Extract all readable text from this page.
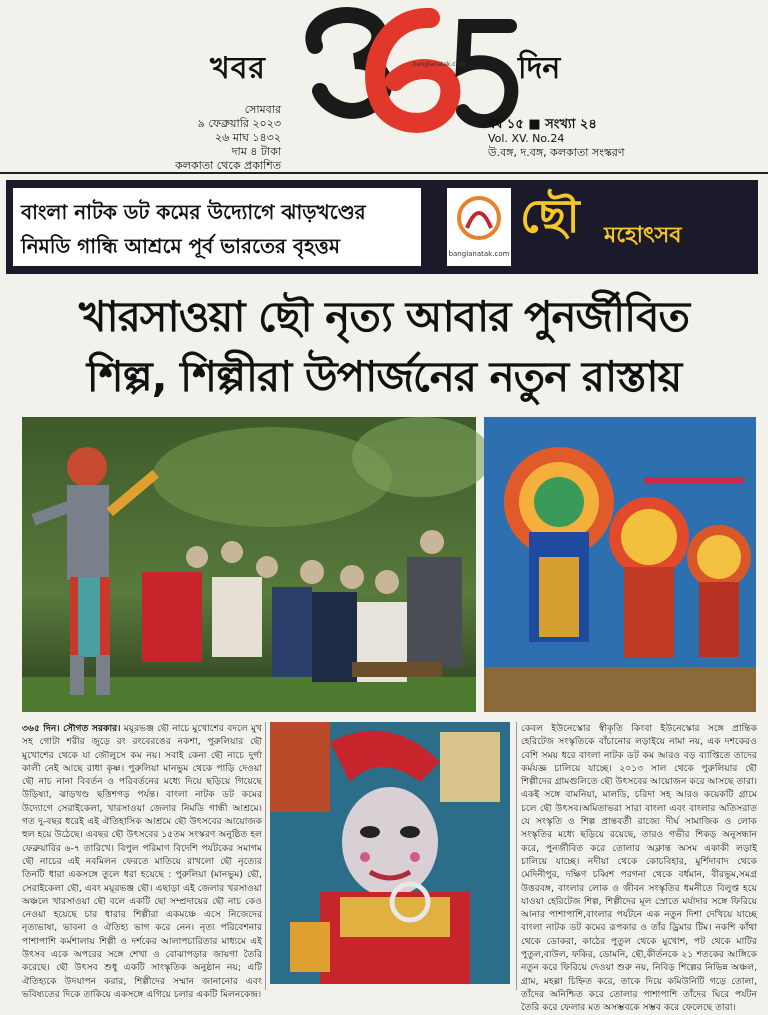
খবর	banglanatak.com দিন
সোমবার
৯ ফেব্রুয়ারি ২০২৩
২৬ মাঘ ১৪৩২
দাম ৪ টাকা
কলকাতা থেকে প্রকাশিত
বর্ষ ১৫ ■ সংখ্যা ২৪
Vol. XV. No.24
উ.বঙ্গ, দ.বঙ্গ, কলকাতা সংস্করণ
বাংলা নাটক ডট কমের উদ্যোগে ঝাড়খণ্ডের
নিমডি গান্ধি আশ্রমে পূর্ব ভারতের বৃহত্তম	banglanatak.com
ছৌ মহোৎসব
খারসাওয়া ছৌ নৃত্য আবার পুনর্জীবিত
শিল্প, শিল্পীরা উপার্জনের নতুন রাস্তায়

৩৬৫ দিন। সৌগত সরকার। ময়ূরভঞ্জ ছৌ নাচে মুখোশের বদলে মুখ সহ গোটা শরীর জুড়ে রং রংবেরঙের নকশা, পুরুলিয়ার ছৌ মুখোশের থেকে যা জৌলুসে কম নয়। সবাই কেনা ছৌ নাচে দুর্গা কালী নেই আছে রাধা কৃষ্ণ। পুরুলিয়া মানভুম থেকে পাড়ি দেওয়া ছৌ নাচ নানা বিবর্তন ও পরিবর্তনের মধ্যে দিয়ে ছড়িয়ে গিয়েছে উড়িষ্যা, ঝাড়খণ্ড ছত্তিশগড় পর্যন্ত। বাংলা নাটক ডট কমের উদ্যোগে সেরাইকেলা, খারসাওয়া জেলার নিমডি গান্ধী আশ্রমে। গত দু-বছর ধরেই এই ঐতিহাসিক আশ্রমে ছৌ উৎসবের আয়োজক হুল হয়ে উঠেছে। এবছর ছৌ উৎসবের ১৫তম সংস্করণ অনুষ্ঠিত হল ফেব্রুয়ারির ৬-৭ তারিখে। বিপুল পরিমাণ বিদেশি পর্যটকের সমাগম ছৌ নাচের এই নবমিলন ফেরতে মাতিয়ে রাখলো ছৌ নৃত্যের তিনটি ধারা একসঙ্গে তুলে ধরা হয়েছে : পুরুলিয়া (মানভুম) ছৌ, সেরাইকেলা ছৌ, এবং ময়ূরভঞ্জ ছৌ। এছাড়া এই জেলার খরসাওয়া অঞ্চলে খারসাওয়া ছৌ বলে একটি ছো সম্প্রদায়ের ছৌ নাচ কেও নেওয়া হয়েছে চার ধারার শিল্পীরা একমঞ্চে এসে নিজেদের নৃত্যভাষা, ভাবনা ও ঐতিহ্য ভাগ করে নেন। নৃত্য পরিবেশনার পাশাপাশি কর্মশালায় শিল্পী ও দর্শকের আলাপচারিতার মাধ্যমে এই উৎসব একে অপরের সঙ্গে শেখা ও বোঝাপড়ার জায়গা তৈরি করেছে। ছৌ উৎসব শুধু একটি সাংস্কৃতিক অনুষ্ঠান নয়; এটি ঐতিহ্যকে উদযাপন করার, শিল্পীদের সম্মান জানানোর এবং ভবিষ্যতের দিকে তাকিয়ে একসঙ্গে এগিয়ে চলার একটি মিলনকেন্দ্র।

কেবল ইউনেস্কোর স্বীকৃতি কিংবা ইউনেস্কোর সঙ্গে প্রান্তিক হেরিটেজ সংস্কৃতিকে বাঁচানোর লড়াইয়ে নামা নয়, এক দশকেরও বেশি সময় ধরে বাংলা নাটক ডট কম আরও বড় ব্যাপ্তিতে তাদের কর্মযজ্ঞ চালিয়ে যাচ্ছে। ২০১৩ সাল থেকে পুরুলিয়ার ছৌ শিল্পীদের গ্রামগুলিতে ছৌ উৎসবের আয়োজন করে আসছে তারা। একই সঙ্গে বামনিয়া, মালডি, চরিদা সহ আরও কয়েকটি গ্রামে চলে ছৌ উৎসব।অমিতাভরা সারা বাংলা এবং বাংলার অতিসরাত যে সংস্কৃতি ও শিল্প প্রান্তবর্তী রাজ্যে দীর্ঘ সামাজিক ও লোক সংস্কৃতির মধ্যে ছড়িয়ে রয়েছে, তারও গভীর শিকড় অনুসন্ধান করে, পুনর্জীবিত করে তোলার অক্লান্ত অসম একাকী লড়াই চালিয়ে যাচ্ছে। নদীয়া থেকে কোচবিহার, মুর্শিদাবাদ থেকে মেদিনীপুর, দক্ষিণ চব্বিশ পরগনা থেকে বর্ধমান, বীরভূম,সমগ্র উত্তরবঙ্গ, বাংলার লোক ও জীবন সংস্কৃতির ধমনীতে বিলুপ্ত হয়ে যাওয়া হেরিটেজ শিল্প, শিল্পীদের মূল স্রোতে মর্যাদার সঙ্গে ফিরিয়ে আনার পাশাপাশি,বাংলার পর্যটনে এক নতুন দিশা দেখিয়ে যাচ্ছে বাংলা নাটক ডট কমের রূপকার ও তাঁর ড্রিমার টিম। নকশি কাঁথা থেকে ডোকরা, কাঠের পুতুল থেকে মুখোশ, পট থেকে মাটির পুতুল,বাউল, ফকির, ডোমনি, ছৌ,কীর্তনকে ২১ শতকের আঙ্গিকে নতুন করে ফিরিয়ে দেওয়া শুরু নয়, নিবিড় শিল্পের নিভিন্ন অঞ্চল, গ্রাম, মহল্লা চিহ্নিত করে, তাকে দিয়ে কমিউনিটি গড়ে তোলা, তাঁদের অনিশ্চিত করে তোলার পাশাপাশি তাঁদের ঘিরে পর্যটন তৈরি করে ফেলার মত অসম্ভবকে সম্ভব করে ফেলেছে তারা।
